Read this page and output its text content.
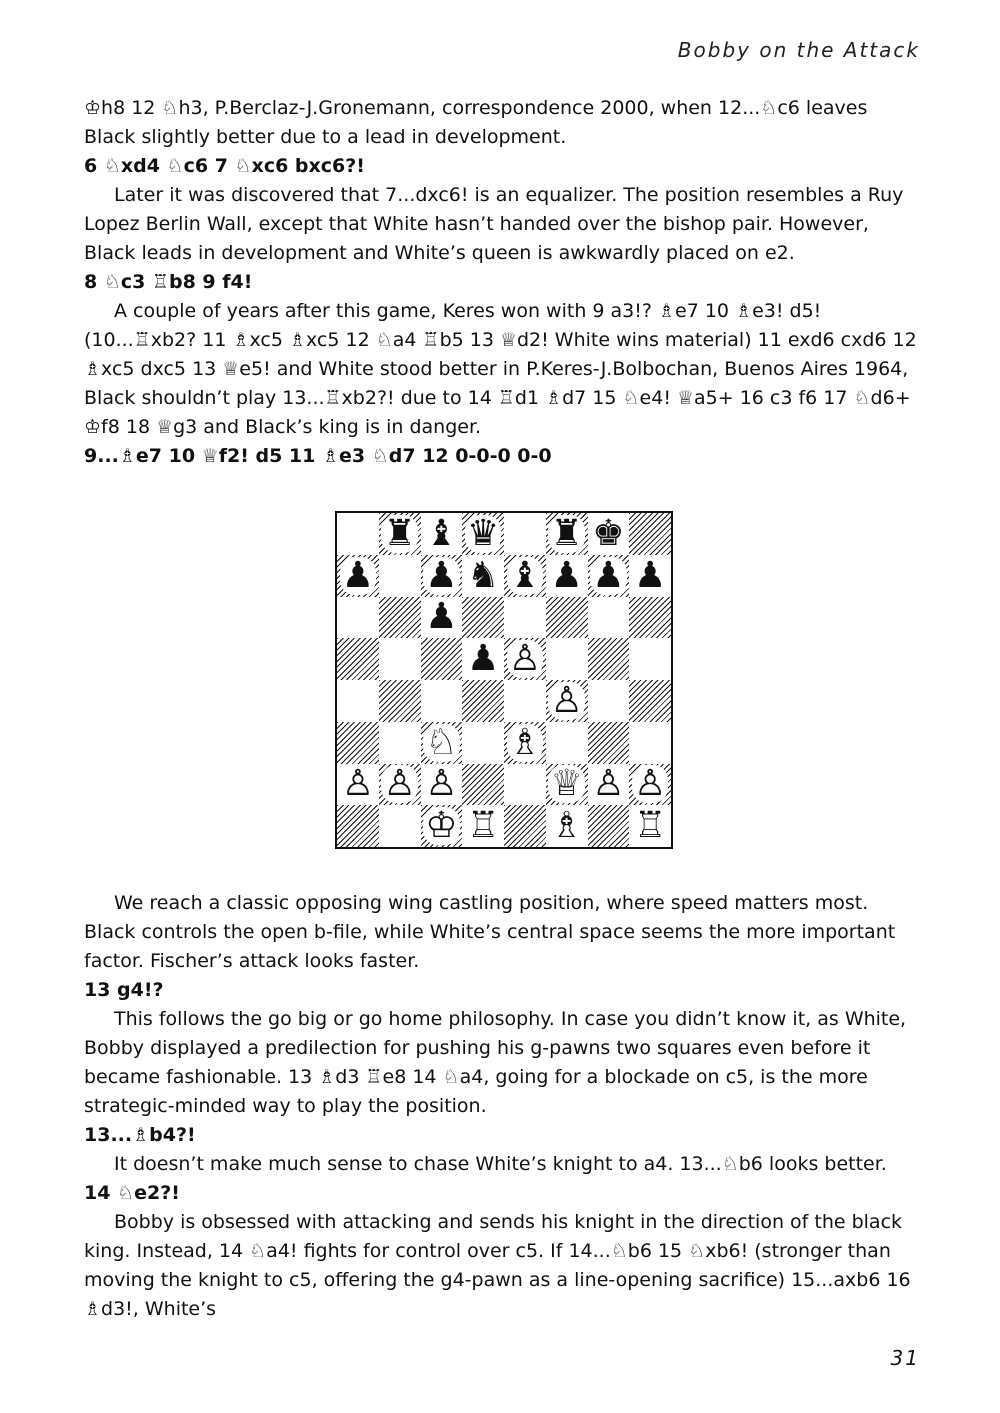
Bobby on the Attack

♔h8 12 ♘h3, P.Berclaz-J.Gronemann, correspondence 2000, when 12...♘c6 leaves Black slightly better due to a lead in development.

6 ♘xd4 ♘c6 7 ♘xc6 bxc6?!

Later it was discovered that 7...dxc6! is an equalizer. The position resembles a Ruy Lopez Berlin Wall, except that White hasn’t handed over the bishop pair. However, Black leads in development and White’s queen is awkwardly placed on e2.

8 ♘c3 ♖b8 9 f4!

A couple of years after this game, Keres won with 9 a3!? ♗e7 10 ♗e3! d5! (10...♖xb2? 11 ♗xc5 ♗xc5 12 ♘a4 ♖b5 13 ♕d2! White wins material) 11 exd6 cxd6 12 ♗xc5 dxc5 13 ♕e5! and White stood better in P.Keres-J.Bolbochan, Buenos Aires 1964, Black shouldn’t play 13...♖xb2?! due to 14 ♖d1 ♗d7 15 ♘e4! ♕a5+ 16 c3 f6 17 ♘d6+ ♔f8 18 ♕g3 and Black’s king is in danger.

9...♗e7 10 ♕f2! d5 11 ♗e3 ♘d7 12 0-0-0 0-0

♜ ♝ ♛ ♜ ♚
♟ ♟ ♞ ♝ ♟ ♟ ♟
♟
♟ ♙
♙
♘ ♗
♙ ♙ ♙	♕ ♙ ♙
♔ ♖ ♗ ♖

We reach a classic opposing wing castling position, where speed matters most. Black controls the open b-file, while White’s central space seems the more important factor. Fischer’s attack looks faster.

13 g4!?

This follows the go big or go home philosophy. In case you didn’t know it, as White, Bobby displayed a predilection for pushing his g-pawns two squares even before it became fashionable. 13 ♗d3 ♖e8 14 ♘a4, going for a blockade on c5, is the more strategic-minded way to play the position.

13...♗b4?!

It doesn’t make much sense to chase White’s knight to a4. 13...♘b6 looks better.

14 ♘e2?!

Bobby is obsessed with attacking and sends his knight in the direction of the black king. Instead, 14 ♘a4! fights for control over c5. If 14...♘b6 15 ♘xb6! (stronger than moving the knight to c5, offering the g4-pawn as a line-opening sacrifice) 15...axb6 16 ♗d3!, White’s

31
